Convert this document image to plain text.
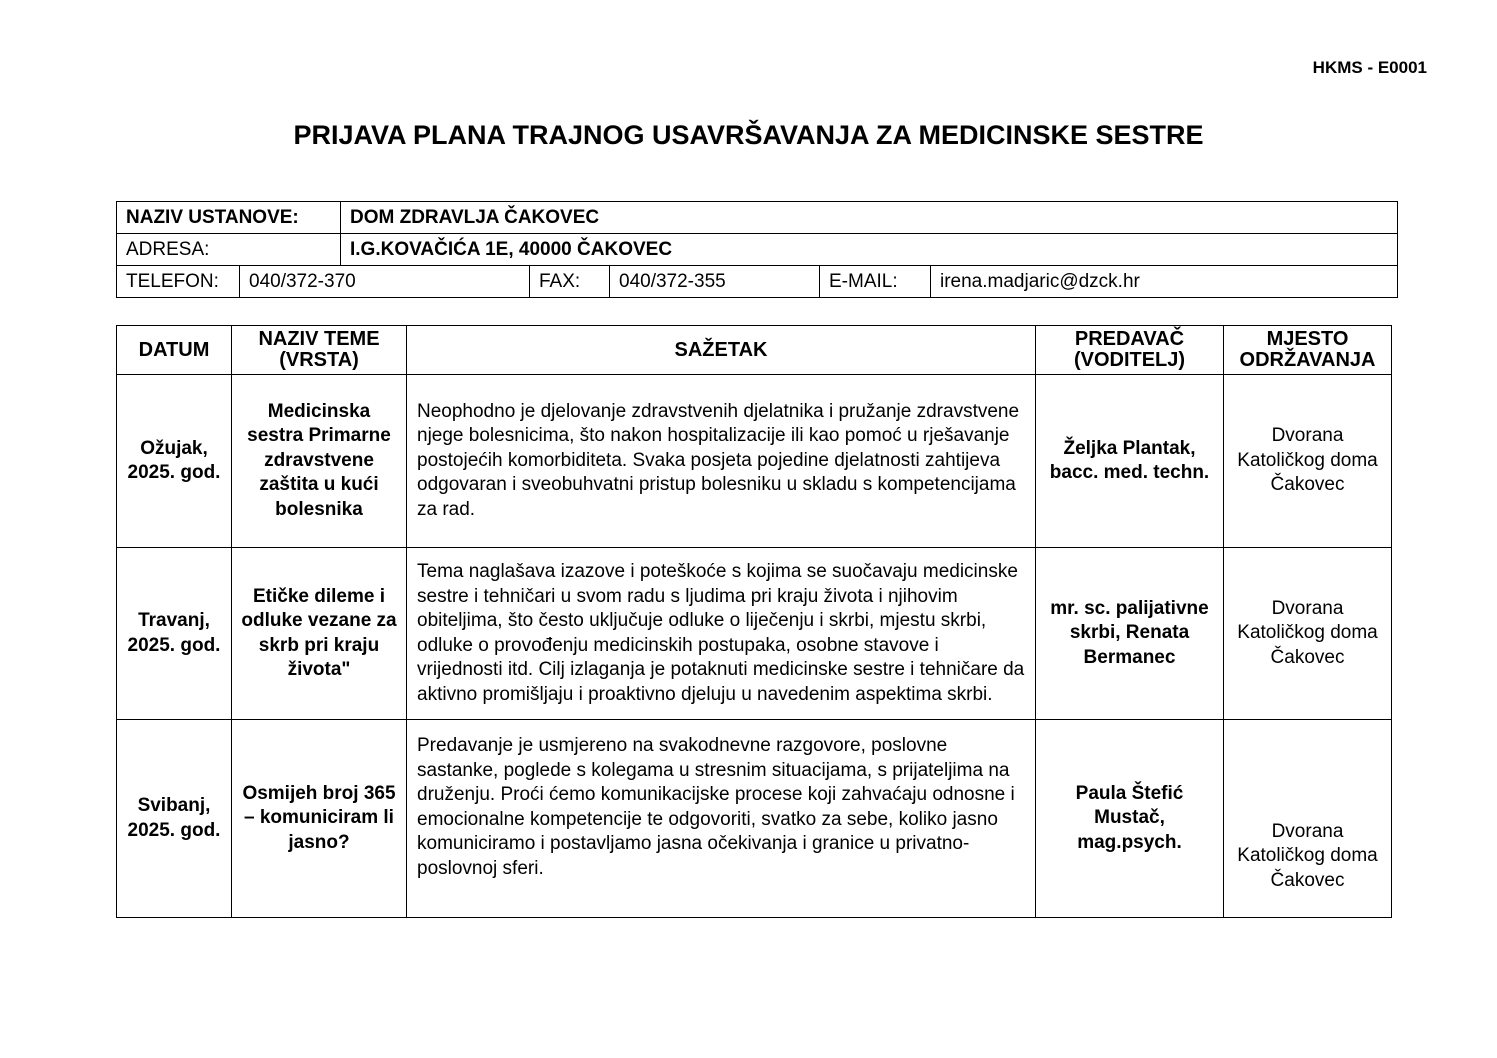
HKMS - E0001
PRIJAVA PLANA TRAJNOG USAVRŠAVANJA ZA MEDICINSKE SESTRE
NAZIV USTANOVE:		DOM ZDRAVLJA ČAKOVEC				
ADRESA:		I.G.KOVAČIĆA 1E, 40000 ČAKOVEC				
TELEFON:	040/372-370		FAX:	040/372-355	E-MAIL:	irena.madjaric@dzck.hr
DATUM	NAZIV TEME (VRSTA)	SAŽETAK	PREDAVAČ (VODITELJ)	MJESTO ODRŽAVANJA
Ožujak, 2025. god.	Medicinska sestra Primarne zdravstvene zaštita u kući bolesnika	Neophodno je djelovanje zdravstvenih djelatnika i pružanje zdravstvene njege bolesnicima, što nakon hospitalizacije ili kao pomoć u rješavanje postojećih komorbiditeta. Svaka posjeta pojedine djelatnosti zahtijeva odgovaran i sveobuhvatni pristup bolesniku u skladu s kompetencijama za rad.	Željka Plantak, bacc. med. techn.	Dvorana Katoličkog doma Čakovec
Travanj, 2025. god.	Etičke dileme i odluke vezane za skrb pri kraju života"	Tema naglašava izazove i poteškoće s kojima se suočavaju medicinske sestre i tehničari u svom radu s ljudima pri kraju života i njihovim obiteljima, što često uključuje odluke o liječenju i skrbi, mjestu skrbi, odluke o provođenju medicinskih postupaka, osobne stavove i vrijednosti itd. Cilj izlaganja je potaknuti medicinske sestre i tehničare da aktivno promišljaju i proaktivno djeluju u navedenim aspektima skrbi.	mr. sc. palijativne skrbi, Renata Bermanec	Dvorana Katoličkog doma Čakovec
Svibanj, 2025. god.	Osmijeh broj 365 – komuniciram li jasno?	Predavanje je usmjereno na svakodnevne razgovore, poslovne sastanke, poglede s kolegama u stresnim situacijama, s prijateljima na druženju. Proći ćemo komunikacijske procese koji zahvaćaju odnosne i emocionalne kompetencije te odgovoriti, svatko za sebe, koliko jasno komuniciramo i postavljamo jasna očekivanja i granice u privatno-poslovnoj sferi.	Paula Štefić Mustač, mag.psych.	Dvorana Katoličkog doma Čakovec
